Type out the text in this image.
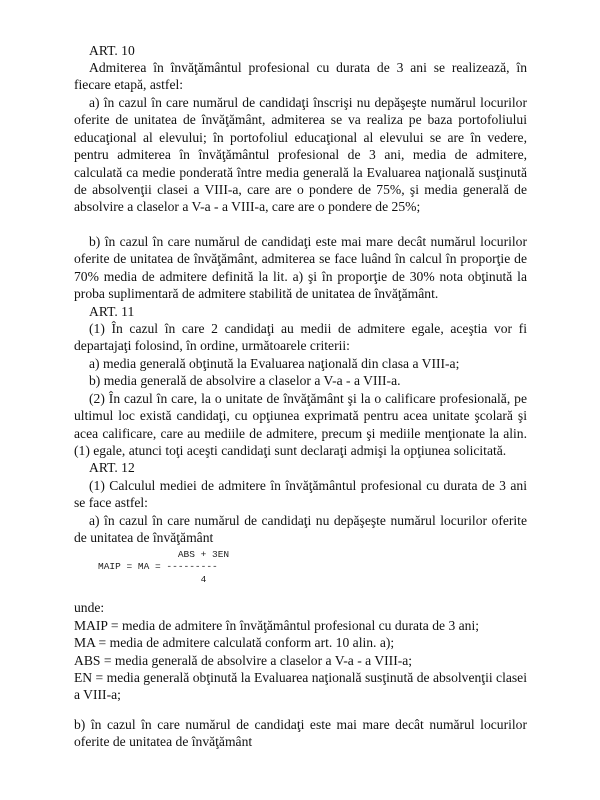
ART. 10

Admiterea în învăţământul profesional cu durata de 3 ani se realizează, în fiecare etapă, astfel:

a) în cazul în care numărul de candidaţi înscrişi nu depăşeşte numărul locurilor oferite de unitatea de învăţământ, admiterea se va realiza pe baza portofoliului educaţional al elevului; în portofoliul educaţional al elevului se are în vedere, pentru admiterea în învăţământul profesional de 3 ani, media de admitere, calculată ca medie ponderată între media generală la Evaluarea naţională susţinută de absolvenţii clasei a VIII-a, care are o pondere de 75%, şi media generală de absolvire a claselor a V-a - a VIII-a, care are o pondere de 25%;

b) în cazul în care numărul de candidaţi este mai mare decât numărul locurilor oferite de unitatea de învăţământ, admiterea se face luând în calcul în proporţie de 70% media de admitere definită la lit. a) şi în proporţie de 30% nota obţinută la proba suplimentară de admitere stabilită de unitatea de învăţământ.

ART. 11

(1) În cazul în care 2 candidaţi au medii de admitere egale, aceştia vor fi departajaţi folosind, în ordine, următoarele criterii:

a) media generală obţinută la Evaluarea naţională din clasa a VIII-a;

b) media generală de absolvire a claselor a V-a - a VIII-a.

(2) În cazul în care, la o unitate de învăţământ şi la o calificare profesională, pe ultimul loc există candidaţi, cu opţiunea exprimată pentru acea unitate şcolară şi acea calificare, care au mediile de admitere, precum şi mediile menţionate la alin. (1) egale, atunci toţi aceşti candidaţi sunt declaraţi admişi la opţiunea solicitată.

ART. 12

(1) Calculul mediei de admitere în învăţământul profesional cu durata de 3 ani se face astfel:

a) în cazul în care numărul de candidaţi nu depăşeşte numărul locurilor oferite de unitatea de învăţământ

ABS + 3EN
MAIP = MA = ---------
4

unde:

MAIP = media de admitere în învăţământul profesional cu durata de 3 ani;

MA = media de admitere calculată conform art. 10 alin. a);

ABS = media generală de absolvire a claselor a V-a - a VIII-a;

EN = media generală obţinută la Evaluarea naţională susţinută de absolvenţii clasei a VIII-a;

b) în cazul în care numărul de candidaţi este mai mare decât numărul locurilor oferite de unitatea de învăţământ
